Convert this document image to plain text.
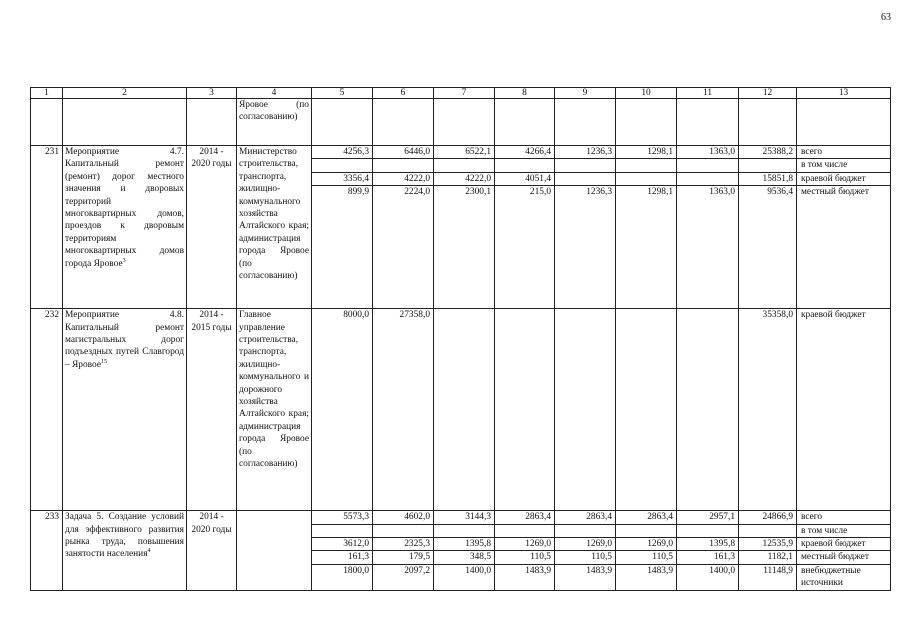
63
1	2	3	4	5	6	7	8	9	10	11	12	13
			Яровое (по согласованию)									
231	Мероприятие 4.7. Капитальный ремонт (ремонт) дорог местного значения и дворовых территорий многоквартирных домов, проездов к дворовым территориям многоквартирных домов города Яровое$^3$	2014 - 2020 годы	Министерство строительства, транспорта, жилищно-коммунального хозяйства Алтайского края; администрация города Яровое (по согласованию)	4256,3	6446,0	6522,1	4266,4	1236,3	1298,1	1363,0	25388,2	всего
												в том числе
				3356,4	4222,0	4222,0	4051,4				15851,8	краевой бюджет
				899,9	2224,0	2300,1	215,0	1236,3	1298,1	1363,0	9536,4	местный бюджет
232	Мероприятие 4.8. Капитальный ремонт магистральных дорог подъездных путей Славгород – Яровое$^{15}$	2014 - 2015 годы	Главное управление строительства, транспорта, жилищно-коммунального и дорожного хозяйства Алтайского края; администрация города Яровое (по согласованию)	8000,0	27358,0						35358,0	краевой бюджет
233	Задача 5. Создание условий для эффективного развития рынка труда, повышения занятости населения$^4$	2014 - 2020 годы		5573,3	4602,0	3144,3	2863,4	2863,4	2863,4	2957,1	24866,9	всего
												в том числе
				3612,0	2325,3	1395,8	1269,0	1269,0	1269,0	1395,8	12535,9	краевой бюджет
				161,3	179,5	348,5	110,5	110,5	110,5	161,3	1182,1	местный бюджет
				1800,0	2097,2	1400,0	1483,9	1483,9	1483,9	1400,0	11148,9	внебюджетные источники
